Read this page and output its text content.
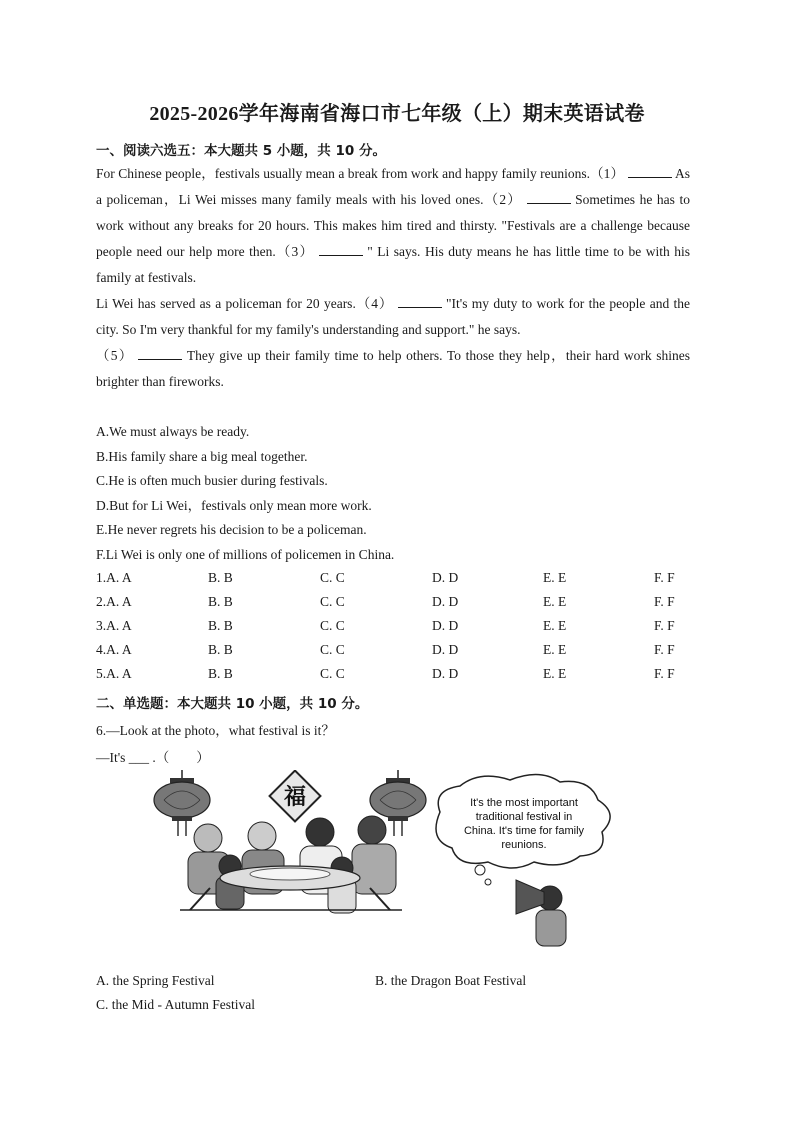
2025-2026学年海南省海口市七年级（上）期末英语试卷
一、阅读六选五：本大题共 5 小题，共 10 分。

For Chinese people，festivals usually mean a break from work and happy family reunions.（1）	As a policeman，Li Wei misses many family meals with his loved ones.（2）	Sometimes he has to work without any breaks for 20 hours. This makes him tired and thirsty. "Festivals are a challenge because people need our help more then.（3）	" Li says. His duty means he has little time to be with his family at festivals.

Li Wei has served as a policeman for 20 years.（4）	"It's my duty to work for the people and the city. So I'm very thankful for my family's understanding and support." he says.

（5）	They give up their family time to help others. To those they help，their hard work shines brighter than fireworks.

A.We must always be ready.
B.His family share a big meal together.
C.He is often much busier during festivals.
D.But for Li Wei，festivals only mean more work.
E.He never regrets his decision to be a policeman.
F.Li Wei is only one of millions of policemen in China.
1.A. A	B. B	C. C	D. D	E. E	F. F
2.A. A	B. B	C. C	D. D	E. E	F. F
3.A. A	B. B	C. C	D. D	E. E	F. F
4.A. A	B. B	C. C	D. D	E. E	F. F
5.A. A	B. B	C. C	D. D	E. E	F. F
二、单选题：本大题共 10 小题，共 10 分。
6.—Look at the photo，what festival is it？
—It's ___ .（　　）
福	It's the most important
traditional festival in
China. It's time for family
reunions.
A. the Spring Festival	B. the Dragon Boat Festival
C. the Mid - Autumn Festival
